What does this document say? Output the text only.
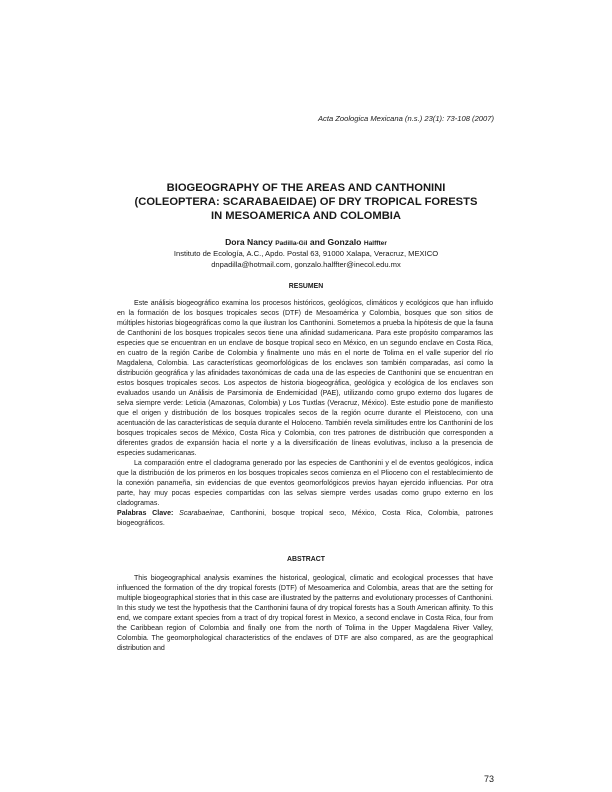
Acta Zoologica Mexicana (n.s.) 23(1): 73-108 (2007)
BIOGEOGRAPHY OF THE AREAS AND CANTHONINI
(COLEOPTERA: SCARABAEIDAE) OF DRY TROPICAL FORESTS
IN MESOAMERICA AND COLOMBIA
Dora Nancy Padilla-Gil and Gonzalo Halffter
Instituto de Ecología, A.C., Apdo. Postal 63, 91000 Xalapa, Veracruz, MEXICO
dnpadilla@hotmail.com, gonzalo.halffter@inecol.edu.mx
RESUMEN

Este análisis biogeográfico examina los procesos históricos, geológicos, climáticos y ecológicos que han influido en la formación de los bosques tropicales secos (DTF) de Mesoamérica y Colombia, bosques que son sitios de múltiples historias biogeográficas como la que ilustran los Canthonini. Sometemos a prueba la hipótesis de que la fauna de Canthonini de los bosques tropicales secos tiene una afinidad sudamericana. Para este propósito comparamos las especies que se encuentran en un enclave de bosque tropical seco en México, en un segundo enclave en Costa Rica, en cuatro de la región Caribe de Colombia y finalmente uno más en el norte de Tolima en el valle superior del río Magdalena, Colombia. Las características geomorfológicas de los enclaves son también comparadas, así como la distribución geográfica y las afinidades taxonómicas de cada una de las especies de Canthonini que se encuentran en estos bosques tropicales secos. Los aspectos de historia biogeográfica, geológica y ecológica de los enclaves son evaluados usando un Análisis de Parsimonia de Endemicidad (PAE), utilizando como grupo externo dos lugares de selva siempre verde: Leticia (Amazonas, Colombia) y Los Tuxtlas (Veracruz, México). Este estudio pone de manifiesto que el origen y distribución de los bosques tropicales secos de la región ocurre durante el Pleistoceno, con una acentuación de las características de sequía durante el Holoceno. También revela similitudes entre los Canthonini de los bosques tropicales secos de México, Costa Rica y Colombia, con tres patrones de distribución que corresponden a diferentes grados de expansión hacia el norte y a la diversificación de líneas evolutivas, incluso a la presencia de especies sudamericanas.

La comparación entre el cladograma generado por las especies de Canthonini y el de eventos geológicos, indica que la distribución de los primeros en los bosques tropicales secos comienza en el Plioceno con el restablecimiento de la conexión panameña, sin evidencias de que eventos geomorfológicos previos hayan ejercido influencias. Por otra parte, hay muy pocas especies compartidas con las selvas siempre verdes usadas como grupo externo en los cladogramas.

Palabras Clave: Scarabaeinae, Canthonini, bosque tropical seco, México, Costa Rica, Colombia, patrones biogeográficos.

ABSTRACT

This biogeographical analysis examines the historical, geological, climatic and ecological processes that have influenced the formation of the dry tropical forests (DTF) of Mesoamerica and Colombia, areas that are the setting for multiple biogeographical stories that in this case are illustrated by the patterns and evolutionary processes of Canthonini. In this study we test the hypothesis that the Canthonini fauna of dry tropical forests has a South American affinity. To this end, we compare extant species from a tract of dry tropical forest in Mexico, a second enclave in Costa Rica, four from the Caribbean region of Colombia and finally one from the north of Tolima in the Upper Magdalena River Valley, Colombia. The geomorphological characteristics of the enclaves of DTF are also compared, as are the geographical distribution and

73
